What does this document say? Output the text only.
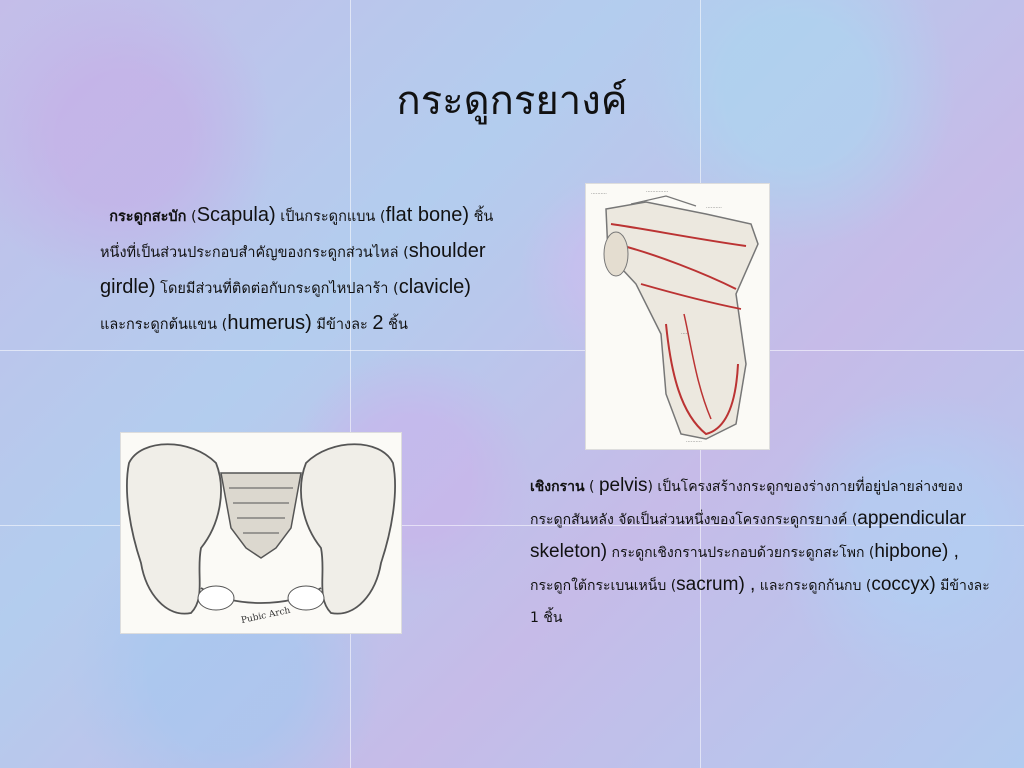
กระดูกรยางค์
กระดูกสะบัก (Scapula) เป็นกระดูกแบน (flat bone) ชิ้นหนึ่งที่เป็นส่วนประกอบสำคัญของกระดูกส่วนไหล่ (shoulder girdle) โดยมีส่วนที่ติดต่อกับกระดูกไหปลาร้า (clavicle) และกระดูกต้นแขน (humerus) มีข้างละ 2 ชิ้น
..........	..............
..........
.....
..........
Pubic Arch
เชิงกราน ( pelvis) เป็นโครงสร้างกระดูกของร่างกายที่อยู่ปลายล่างของกระดูกสันหลัง จัดเป็นส่วนหนึ่งของโครงกระดูกรยางค์ (appendicular skeleton) กระดูกเชิงกรานประกอบด้วยกระดูกสะโพก (hipbone) , กระดูกใต้กระเบนเหน็บ (sacrum) , และกระดูกก้นกบ (coccyx) มีข้างละ 1 ชิ้น
